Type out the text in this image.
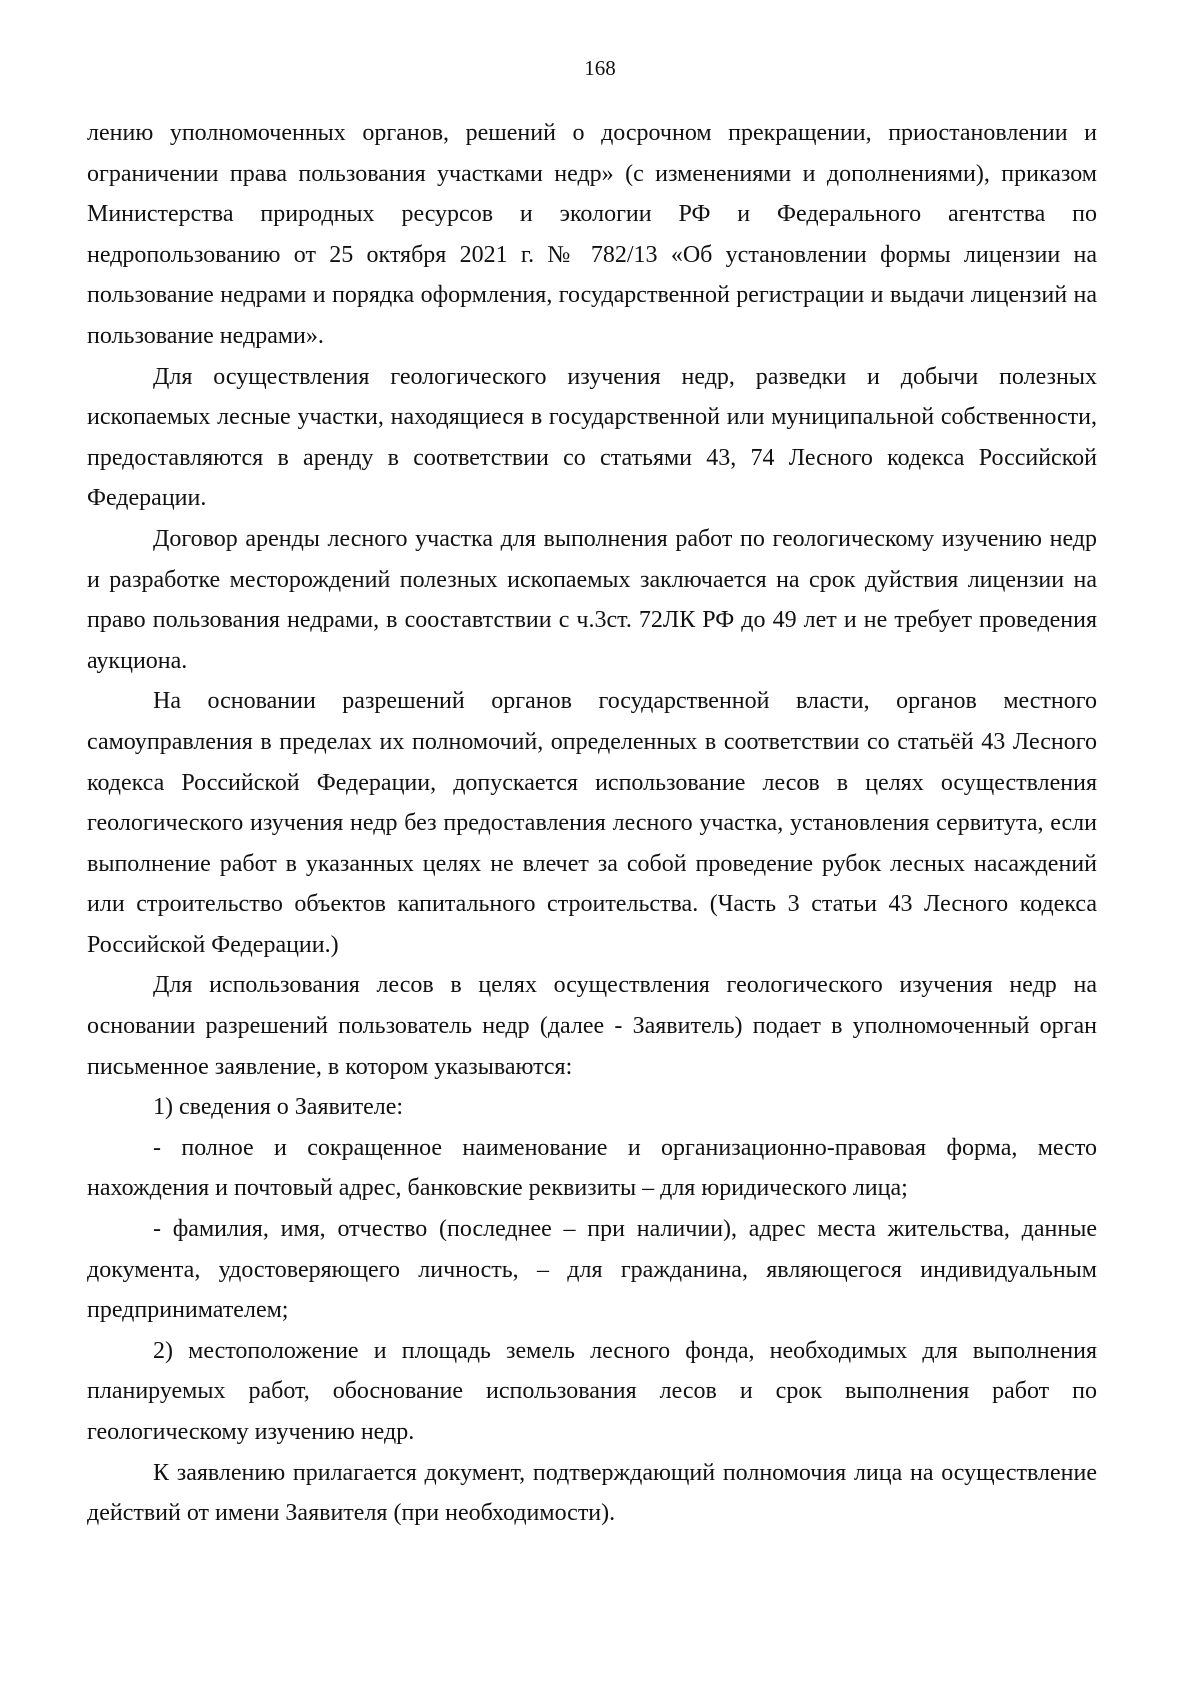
168

лению уполномоченных органов, решений о досрочном прекращении, приостановлении и ограничении права пользования участками недр» (с изменениями и дополнениями), приказом Министерства природных ресурсов и экологии РФ и Федерального агентства по недропользованию от 25 октября 2021 г. № 782/13 «Об установлении формы лицензии на пользование недрами и порядка оформления, государственной регистрации и выдачи лицензий на пользование недрами».

Для осуществления геологического изучения недр, разведки и добычи полезных ископаемых лесные участки, находящиеся в государственной или муниципальной собственности, предоставляются в аренду в соответствии со статьями 43, 74 Лесного кодекса Российской Федерации.

Договор аренды лесного участка для выполнения работ по геологическому изучению недр и разработке месторождений полезных ископаемых заключается на срок дуйствия лицензии на право пользования недрами, в сооставтствии с ч.3ст. 72ЛК РФ до 49 лет и не требует проведения аукциона.

На основании разрешений органов государственной власти, органов местного самоуправления в пределах их полномочий, определенных в соответствии со статьёй 43 Лесного кодекса Российской Федерации, допускается использование лесов в целях осуществления геологического изучения недр без предоставления лесного участка, установления сервитута, если выполнение работ в указанных целях не влечет за собой проведение рубок лесных насаждений или строительство объектов капитального строительства. (Часть 3 статьи 43 Лесного кодекса Российской Федерации.)

Для использования лесов в целях осуществления геологического изучения недр на основании разрешений пользователь недр (далее - Заявитель) подает в уполномоченный орган письменное заявление, в котором указываются:

1) сведения о Заявителе:

- полное и сокращенное наименование и организационно-правовая форма, место нахождения и почтовый адрес, банковские реквизиты – для юридического лица;

- фамилия, имя, отчество (последнее – при наличии), адрес места жительства, данные документа, удостоверяющего личность, – для гражданина, являющегося индивидуальным предпринимателем;

2) местоположение и площадь земель лесного фонда, необходимых для выполнения планируемых работ, обоснование использования лесов и срок выполнения работ по геологическому изучению недр.

К заявлению прилагается документ, подтверждающий полномочия лица на осуществление действий от имени Заявителя (при необходимости).
